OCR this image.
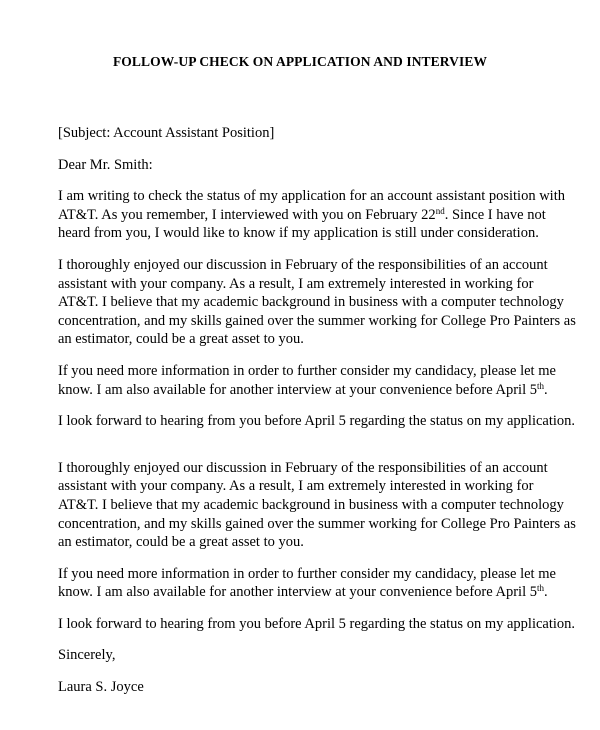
FOLLOW-UP CHECK ON APPLICATION AND INTERVIEW

[Subject: Account Assistant Position]

Dear Mr. Smith:

I am writing to check the status of my application for an account assistant position with
AT&T. As you remember, I interviewed with you on February 22nd. Since I have not
heard from you, I would like to know if my application is still under consideration.

I thoroughly enjoyed our discussion in February of the responsibilities of an account
assistant with your company. As a result, I am extremely interested in working for
AT&T. I believe that my academic background in business with a computer technology
concentration, and my skills gained over the summer working for College Pro Painters as
an estimator, could be a great asset to you.

If you need more information in order to further consider my candidacy, please let me
know. I am also available for another interview at your convenience before April 5th.

I look forward to hearing from you before April 5 regarding the status on my application.

I thoroughly enjoyed our discussion in February of the responsibilities of an account
assistant with your company. As a result, I am extremely interested in working for
AT&T. I believe that my academic background in business with a computer technology
concentration, and my skills gained over the summer working for College Pro Painters as
an estimator, could be a great asset to you.

If you need more information in order to further consider my candidacy, please let me
know. I am also available for another interview at your convenience before April 5th.

I look forward to hearing from you before April 5 regarding the status on my application.

Sincerely,

Laura S. Joyce
